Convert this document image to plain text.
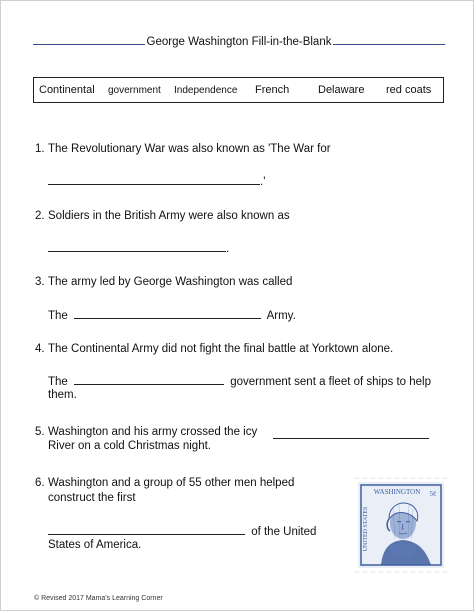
George Washington Fill-in-the-Blank
Continental government Independence French	Delaware red coats
1. The Revolutionary War was also known as 'The War for
.'
2. Soldiers in the British Army were also known as
.
3. The army led by George Washington was called
The	Army.
4. The Continental Army did not fight the final battle at Yorktown alone.
The	government sent a fleet of ships to help
them.
5. Washington and his army crossed the icy
River on a cold Christmas night.
6. Washington and a group of 55 other men helped
construct the first
of the United
States of America.
WASHINGTON 5¢
UNITED STATES
© Revised 2017 Mama's Learning Corner
